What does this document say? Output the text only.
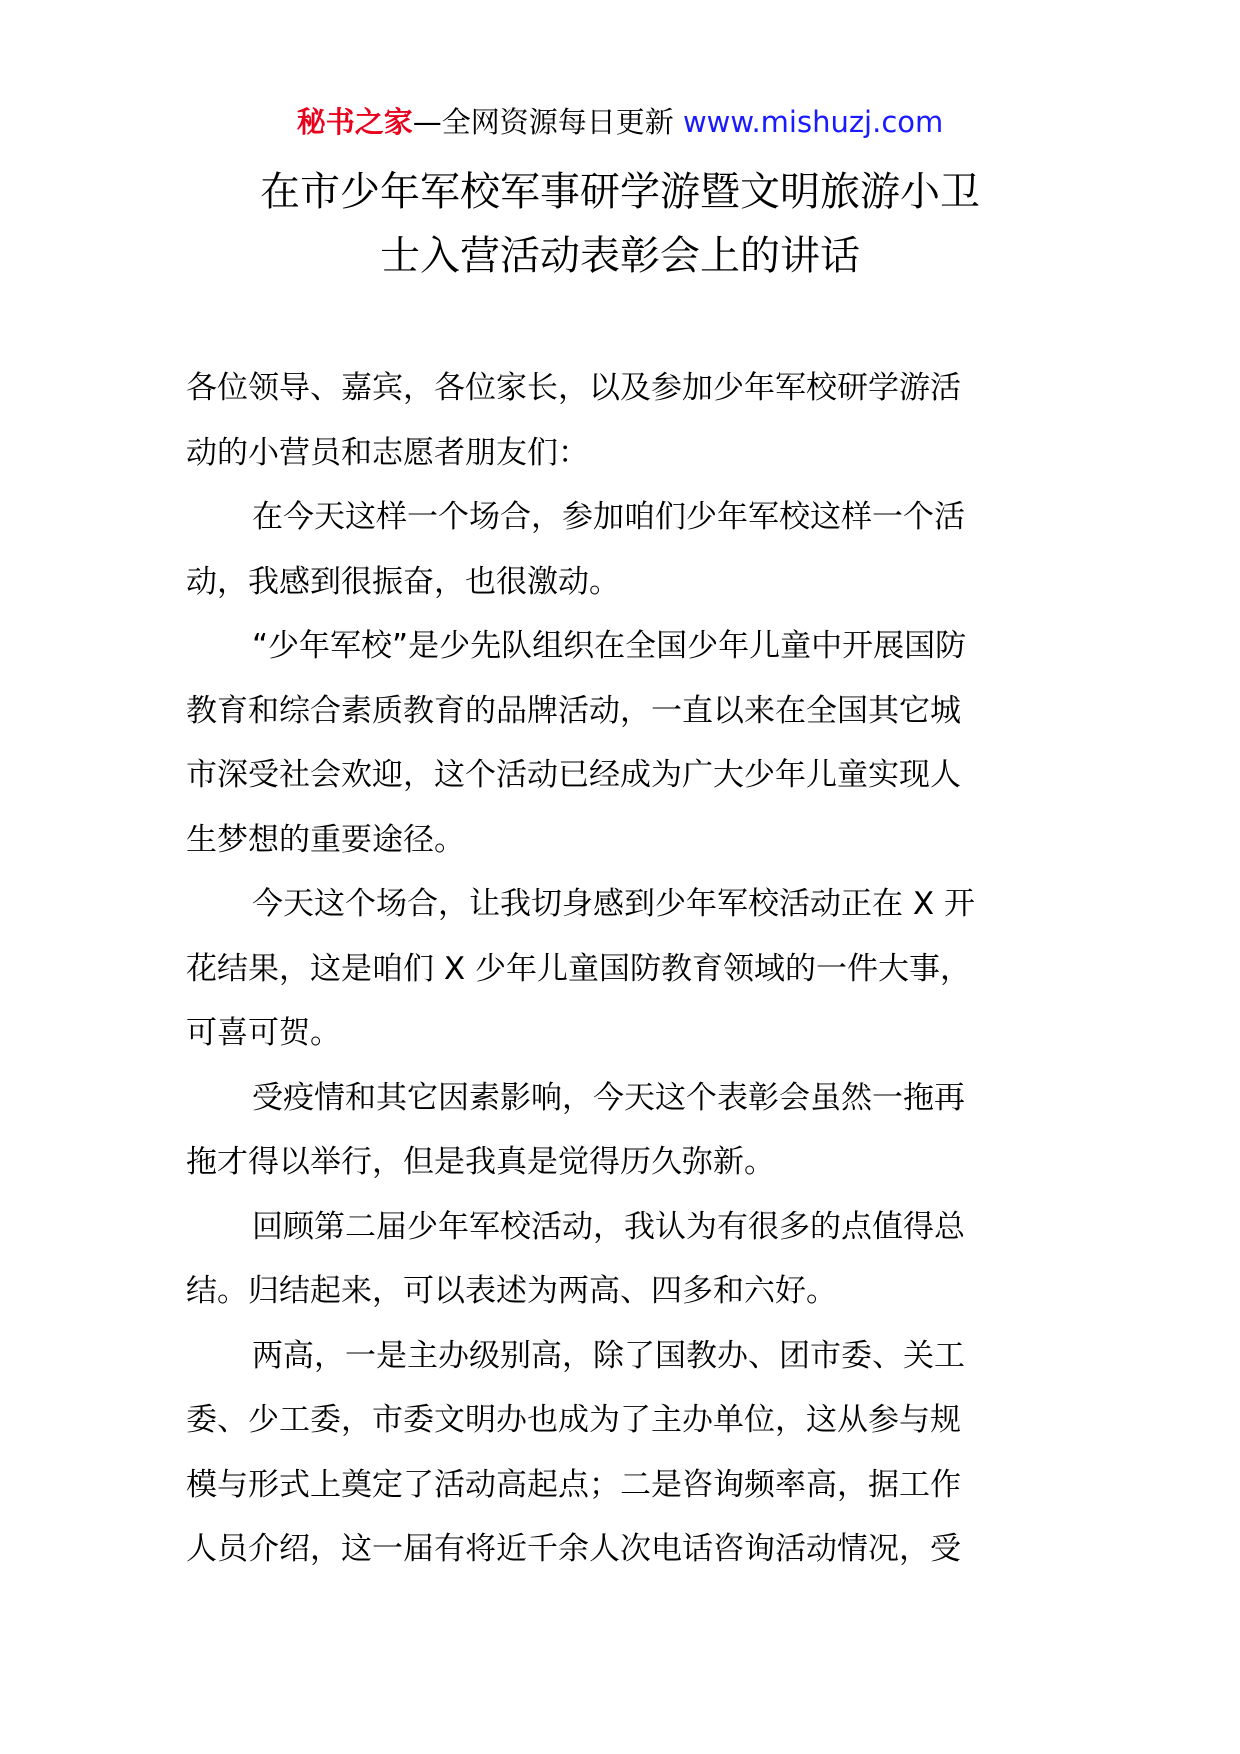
秘书之家—全网资源每日更新 www.mishuzj.com
在市少年军校军事研学游暨文明旅游小卫
士入营活动表彰会上的讲话
各位领导、嘉宾，各位家长，以及参加少年军校研学游活
动的小营员和志愿者朋友们：
在今天这样一个场合，参加咱们少年军校这样一个活
动，我感到很振奋，也很激动。
“少年军校”是少先队组织在全国少年儿童中开展国防
教育和综合素质教育的品牌活动，一直以来在全国其它城
市深受社会欢迎，这个活动已经成为广大少年儿童实现人
生梦想的重要途径。
今天这个场合，让我切身感到少年军校活动正在 X 开
花结果，这是咱们 X 少年儿童国防教育领域的一件大事，
可喜可贺。
受疫情和其它因素影响，今天这个表彰会虽然一拖再
拖才得以举行，但是我真是觉得历久弥新。
回顾第二届少年军校活动，我认为有很多的点值得总
结。归结起来，可以表述为两高、四多和六好。
两高，一是主办级别高，除了国教办、团市委、关工
委、少工委，市委文明办也成为了主办单位，这从参与规
模与形式上奠定了活动高起点；二是咨询频率高，据工作
人员介绍，这一届有将近千余人次电话咨询活动情况，受
